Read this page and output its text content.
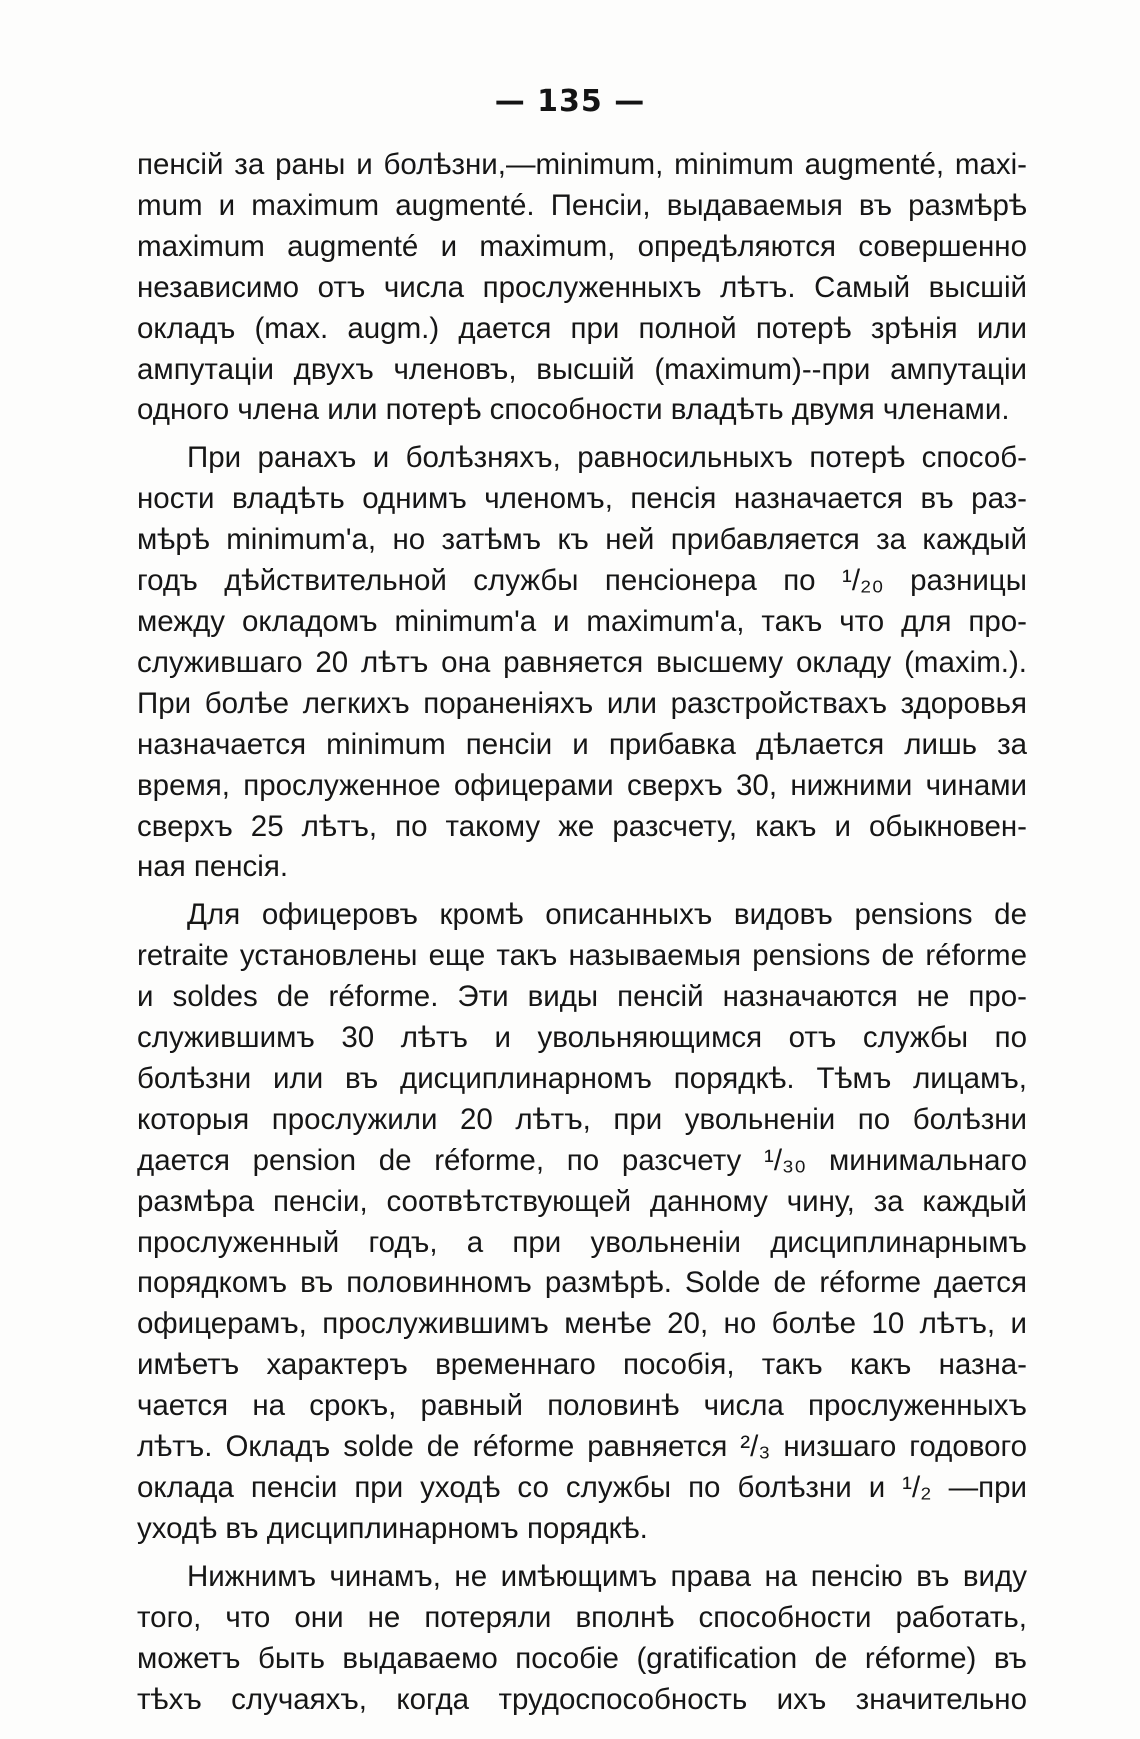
— 135 —
пенсій за раны и болѣзни,—minimum, minimum augmenté, maxi-
mum и maximum augmenté. Пенсіи, выдаваемыя въ размѣрѣ
maximum augmenté и maximum, опредѣляются совершенно
независимо отъ числа прослуженныхъ лѣтъ. Самый высшій
окладъ (max. augm.) дается при полной потерѣ зрѣнія или
ампутаціи двухъ членовъ, высшій (maximum)--при ампутаціи
одного члена или потерѣ способности владѣть двумя членами.
При ранахъ и болѣзняхъ, равносильныхъ потерѣ способ-
ности владѣть однимъ членомъ, пенсія назначается въ раз-
мѣрѣ minimum'а, но затѣмъ къ ней прибавляется за каждый
годъ дѣйствительной службы пенсіонера по ¹/₂₀ разницы
между окладомъ minimum'а и maximum'а, такъ что для про-
служившаго 20 лѣтъ она равняется высшему окладу (maxim.).
При болѣе легкихъ пораненіяхъ или разстройствахъ здоровья
назначается minimum пенсіи и прибавка дѣлается лишь за
время, прослуженное офицерами сверхъ 30, нижними чинами
сверхъ 25 лѣтъ, по такому же разсчету, какъ и обыкновен-
ная пенсія.
Для офицеровъ кромѣ описанныхъ видовъ pensions de
retraite установлены еще такъ называемыя pensions de réforme
и soldes de réforme. Эти виды пенсій назначаются не про-
служившимъ 30 лѣтъ и увольняющимся отъ службы по
болѣзни или въ дисциплинарномъ порядкѣ. Тѣмъ лицамъ,
которыя прослужили 20 лѣтъ, при увольненіи по болѣзни
дается pension de réforme, по разсчету ¹/₃₀ минимальнаго
размѣра пенсіи, соотвѣтствующей данному чину, за каждый
прослуженный годъ, а при увольненіи дисциплинарнымъ
порядкомъ въ половинномъ размѣрѣ. Solde de réforme дается
офицерамъ, прослужившимъ менѣе 20, но болѣе 10 лѣтъ, и
имѣетъ характеръ временнаго пособія, такъ какъ назна-
чается на срокъ, равный половинѣ числа прослуженныхъ
лѣтъ. Окладъ solde de réforme равняется ²/₃ низшаго годового
оклада пенсіи при уходѣ со службы по болѣзни и ¹/₂ —при
уходѣ въ дисциплинарномъ порядкѣ.
Нижнимъ чинамъ, не имѣющимъ права на пенсію въ виду
того, что они не потеряли вполнѣ способности работать,
можетъ быть выдаваемо пособіе (gratification de réforme) въ
тѣхъ случаяхъ, когда трудоспособность ихъ значительно
